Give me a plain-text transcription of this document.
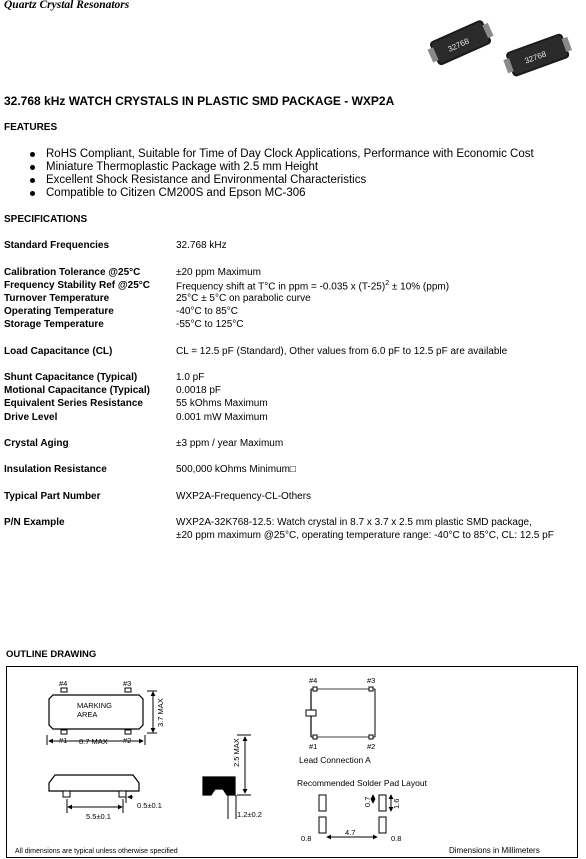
Quartz Crystal Resonators
32768
32768
32.768 kHz WATCH CRYSTALS IN PLASTIC SMD PACKAGE - WXP2A
FEATURES
RoHS Compliant, Suitable for Time of Day Clock Applications, Performance with Economic Cost
Miniature Thermoplastic Package with 2.5 mm Height
Excellent Shock Resistance and Environmental Characteristics
Compatible to Citizen CM200S and Epson MC-306
SPECIFICATIONS
Standard Frequencies	32.768 kHz
Calibration Tolerance @25°C	±20 ppm Maximum
Frequency Stability Ref @25°C	Frequency shift at T°C in ppm = -0.035 x $(T-25)^2 \pm 10\%$ (ppm)
Turnover Temperature	25°C ± 5°C on parabolic curve
Operating Temperature	-40°C to 85°C
Storage Temperature	-55°C to 125°C
Load Capacitance (CL)	CL = 12.5 pF (Standard), Other values from 6.0 pF to 12.5 pF are available
Shunt Capacitance (Typical)	1.0 pF
Motional Capacitance (Typical)	0.0018 pF
Equivalent Series Resistance	55 kOhms Maximum
Drive Level	0.001 mW Maximum
Crystal Aging	±3 ppm / year Maximum
Insulation Resistance	500,000 kOhms Minimum□
Typical Part Number	WXP2A-Frequency-CL-Others
P/N Example	WXP2A-32K768-12.5: Watch crystal in 8.7 x 3.7 x 2.5 mm plastic SMD package,
±20 ppm maximum @25°C, operating temperature range: -40°C to 85°C, CL: 12.5 pF
OUTLINE DRAWING
#4	#3
#1	#2
MARKING
AREA
8.7 MAX
3.7 MAX
5.5±0.1
0.5±0.1
2.5 MAX
1.2±0.2
#4	#3
#1	#2
Lead Connection A
Recommended Solder Pad Layout
0.7	1.6
0.8
4.7
0.8
All dimensions are typical unless otherwise specified	Dimensions in Millimeters
